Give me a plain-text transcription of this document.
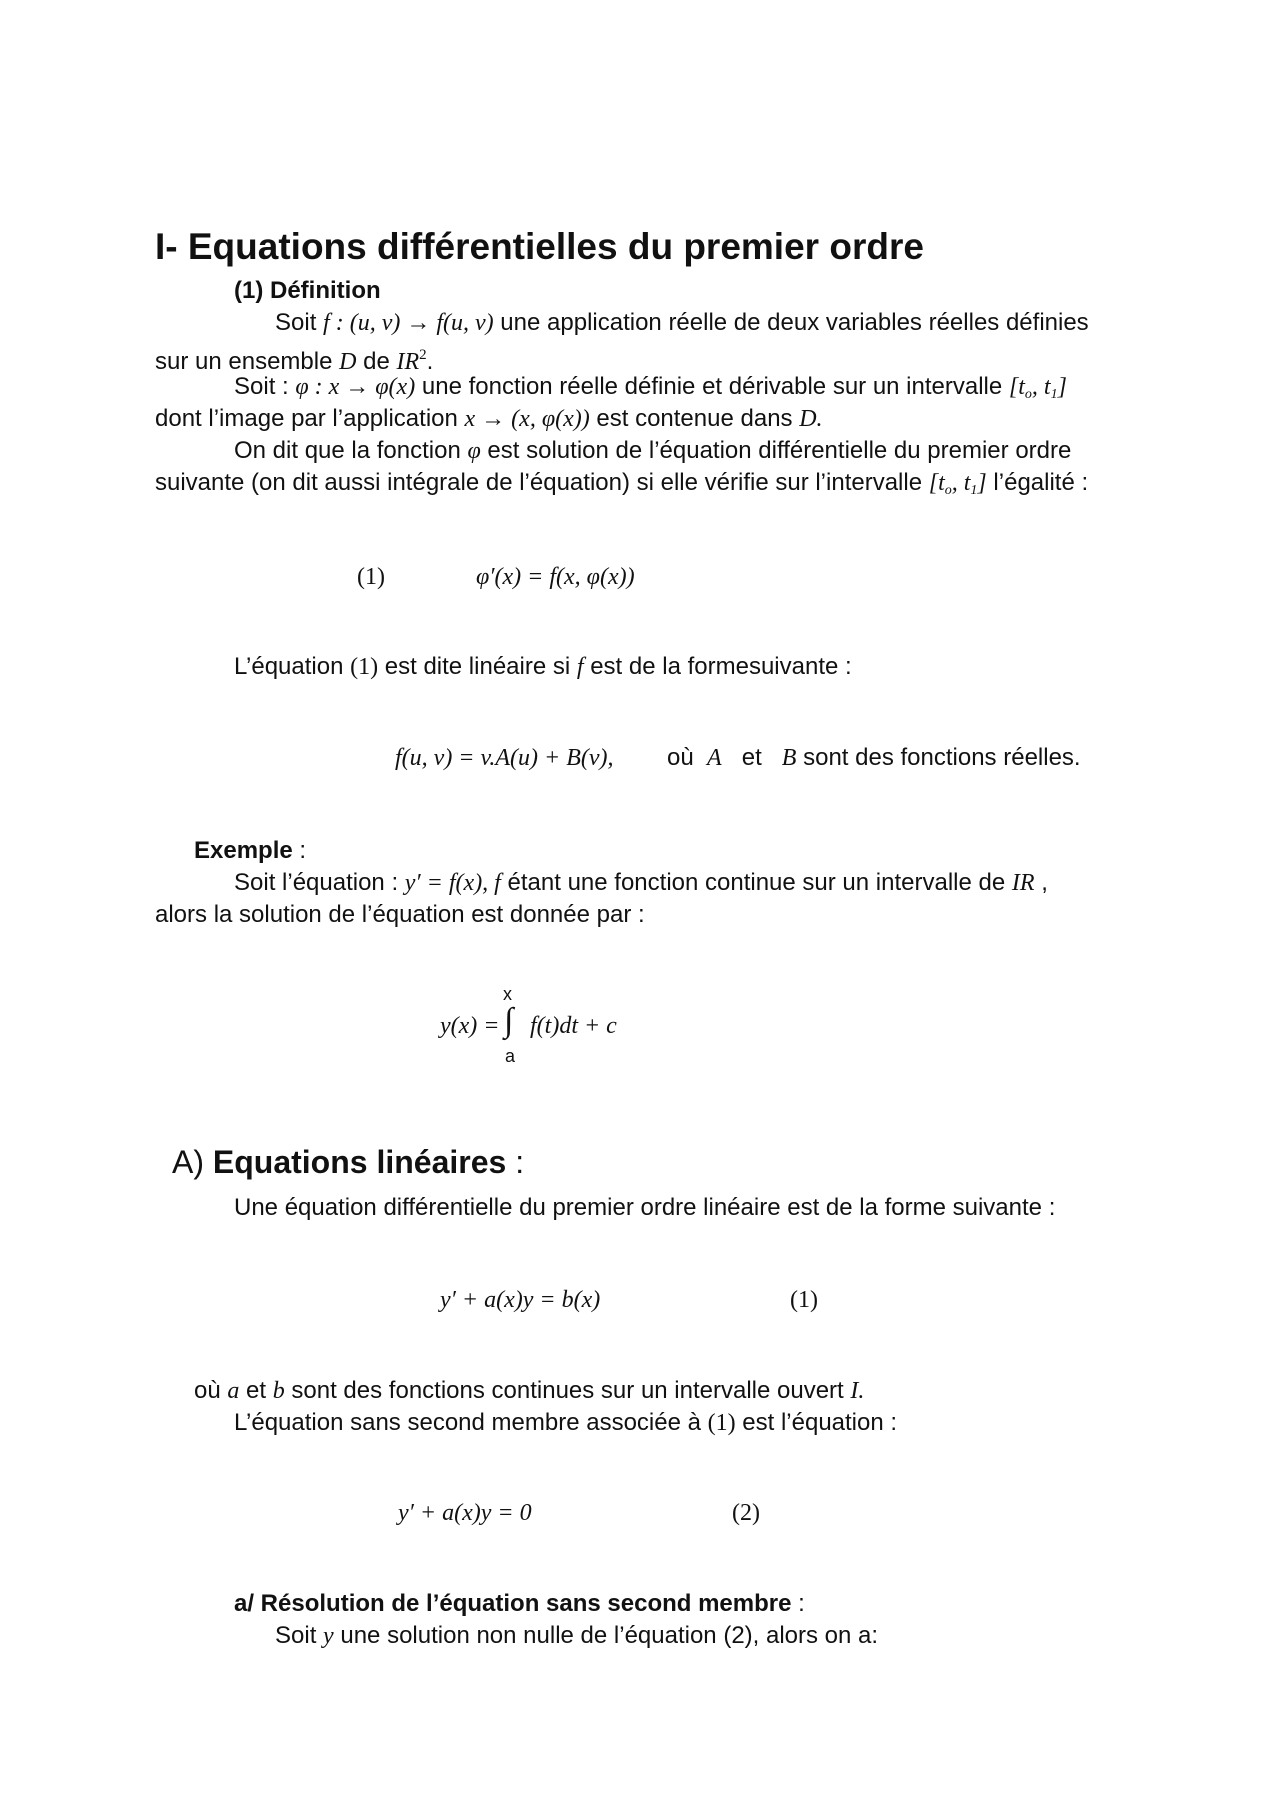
I- Equations différentielles du premier ordre
(1) Définition
Soit f : (u, v) → f(u, v) une application réelle de deux variables réelles définies
sur un ensemble D de $IR^2$.
Soit : φ : x → φ(x) une fonction réelle définie et dérivable sur un intervalle [$t_o$, $t_1$]
dont l’image par l’application x → (x, φ(x)) est contenue dans D.
On dit que la fonction φ est solution de l’équation différentielle du premier ordre
suivante (on dit aussi intégrale de l’équation) si elle vérifie sur l’intervalle [$t_o$, $t_1$] l’égalité :
(1)	φ′(x) = f(x, φ(x))
L’équation (1) est dite linéaire si f est de la formesuivante :
f(u, v) = v.A(u) + B(v), où A et B sont des fonctions réelles.
Exemple :
Soit l’équation : y′ = f(x), f étant une fonction continue sur un intervalle de IR ,
alors la solution de l’équation est donnée par :
x
y(x) = ∫ f(t)dt + c
a
A) Equations linéaires :
Une équation différentielle du premier ordre linéaire est de la forme suivante :
y′ + a(x)y = b(x)	(1)
où a et b sont des fonctions continues sur un intervalle ouvert I.
L’équation sans second membre associée à (1) est l’équation :
y′ + a(x)y = 0	(2)
a/ Résolution de l’équation sans second membre :
Soit y une solution non nulle de l’équation (2), alors on a:
